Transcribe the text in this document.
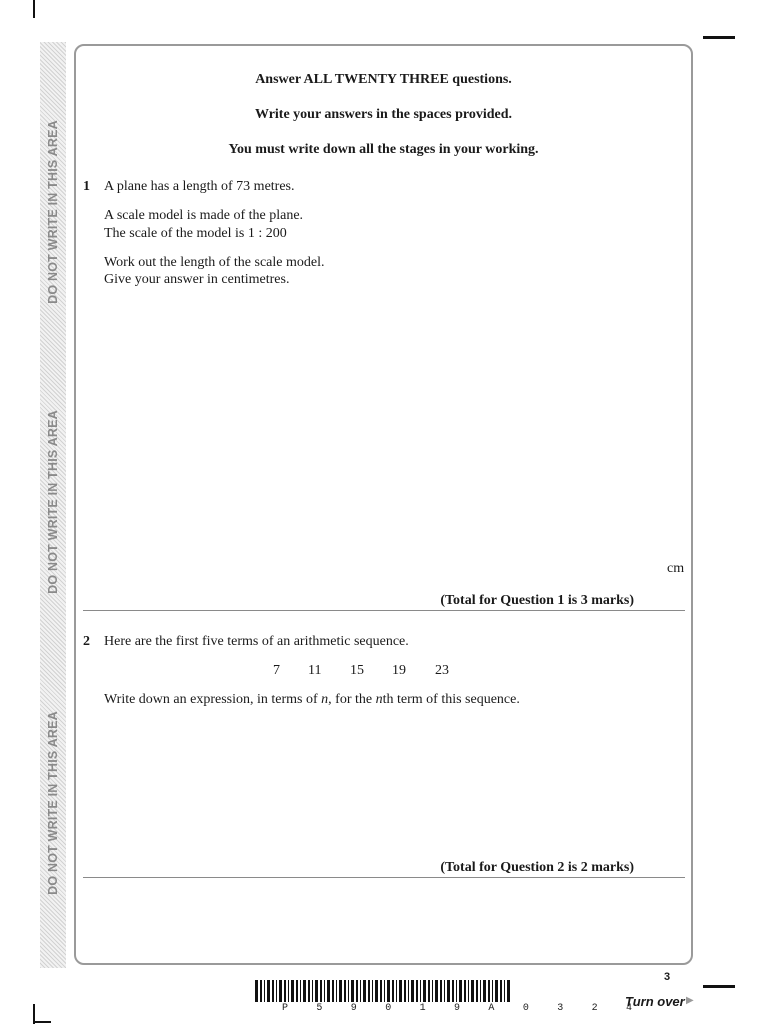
DO NOT WRITE IN THIS AREA
DO NOT WRITE IN THIS AREA
DO NOT WRITE IN THIS AREA
Answer ALL TWENTY THREE questions.
Write your answers in the spaces provided.
You must write down all the stages in your working.
1 A plane has a length of 73 metres.
A scale model is made of the plane.
The scale of the model is 1 : 200
Work out the length of the scale model.
Give your answer in centimetres.
cm
(Total for Question 1 is 3 marks)
2 Here are the first five terms of an arithmetic sequence.
7 11 15 19 23
Write down an expression, in terms of n, for the nth term of this sequence.
(Total for Question 2 is 2 marks)
P 5 9 0 1 9 A 0 3 2 4
3
Turn over ▶
